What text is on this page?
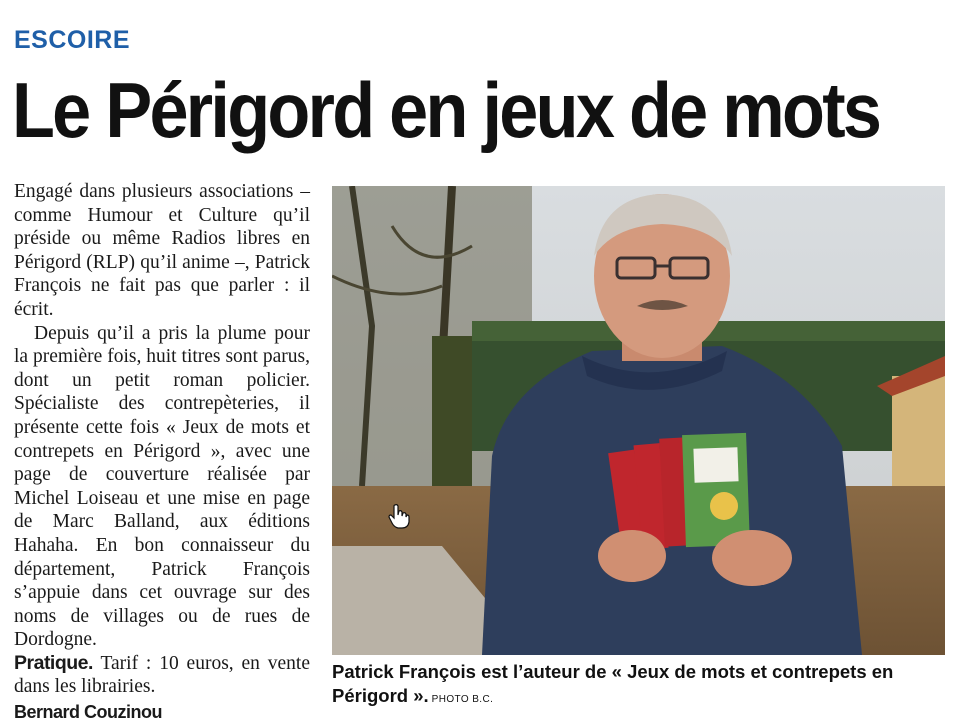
ESCOIRE
Le Périgord en jeux de mots

Engagé dans plusieurs associations – comme Humour et Culture qu’il préside ou même Radios libres en Périgord (RLP) qu’il anime –, Patrick François ne fait pas que parler : il écrit.

Depuis qu’il a pris la plume pour la première fois, huit titres sont parus, dont un petit roman policier. Spécialiste des contrepèteries, il présente cette fois « Jeux de mots et contrepets en Périgord », avec une page de couverture réalisée par Michel Loiseau et une mise en page de Marc Balland, aux éditions Hahaha. En bon connaisseur du département, Patrick François s’appuie dans cet ouvrage sur des noms de villages ou de rues de Dordogne.

Pratique. Tarif : 10 euros, en vente dans les librairies.

Bernard Couzinou
Patrick François est l’auteur de « Jeux de mots et contrepets en Périgord ». PHOTO B.C.
